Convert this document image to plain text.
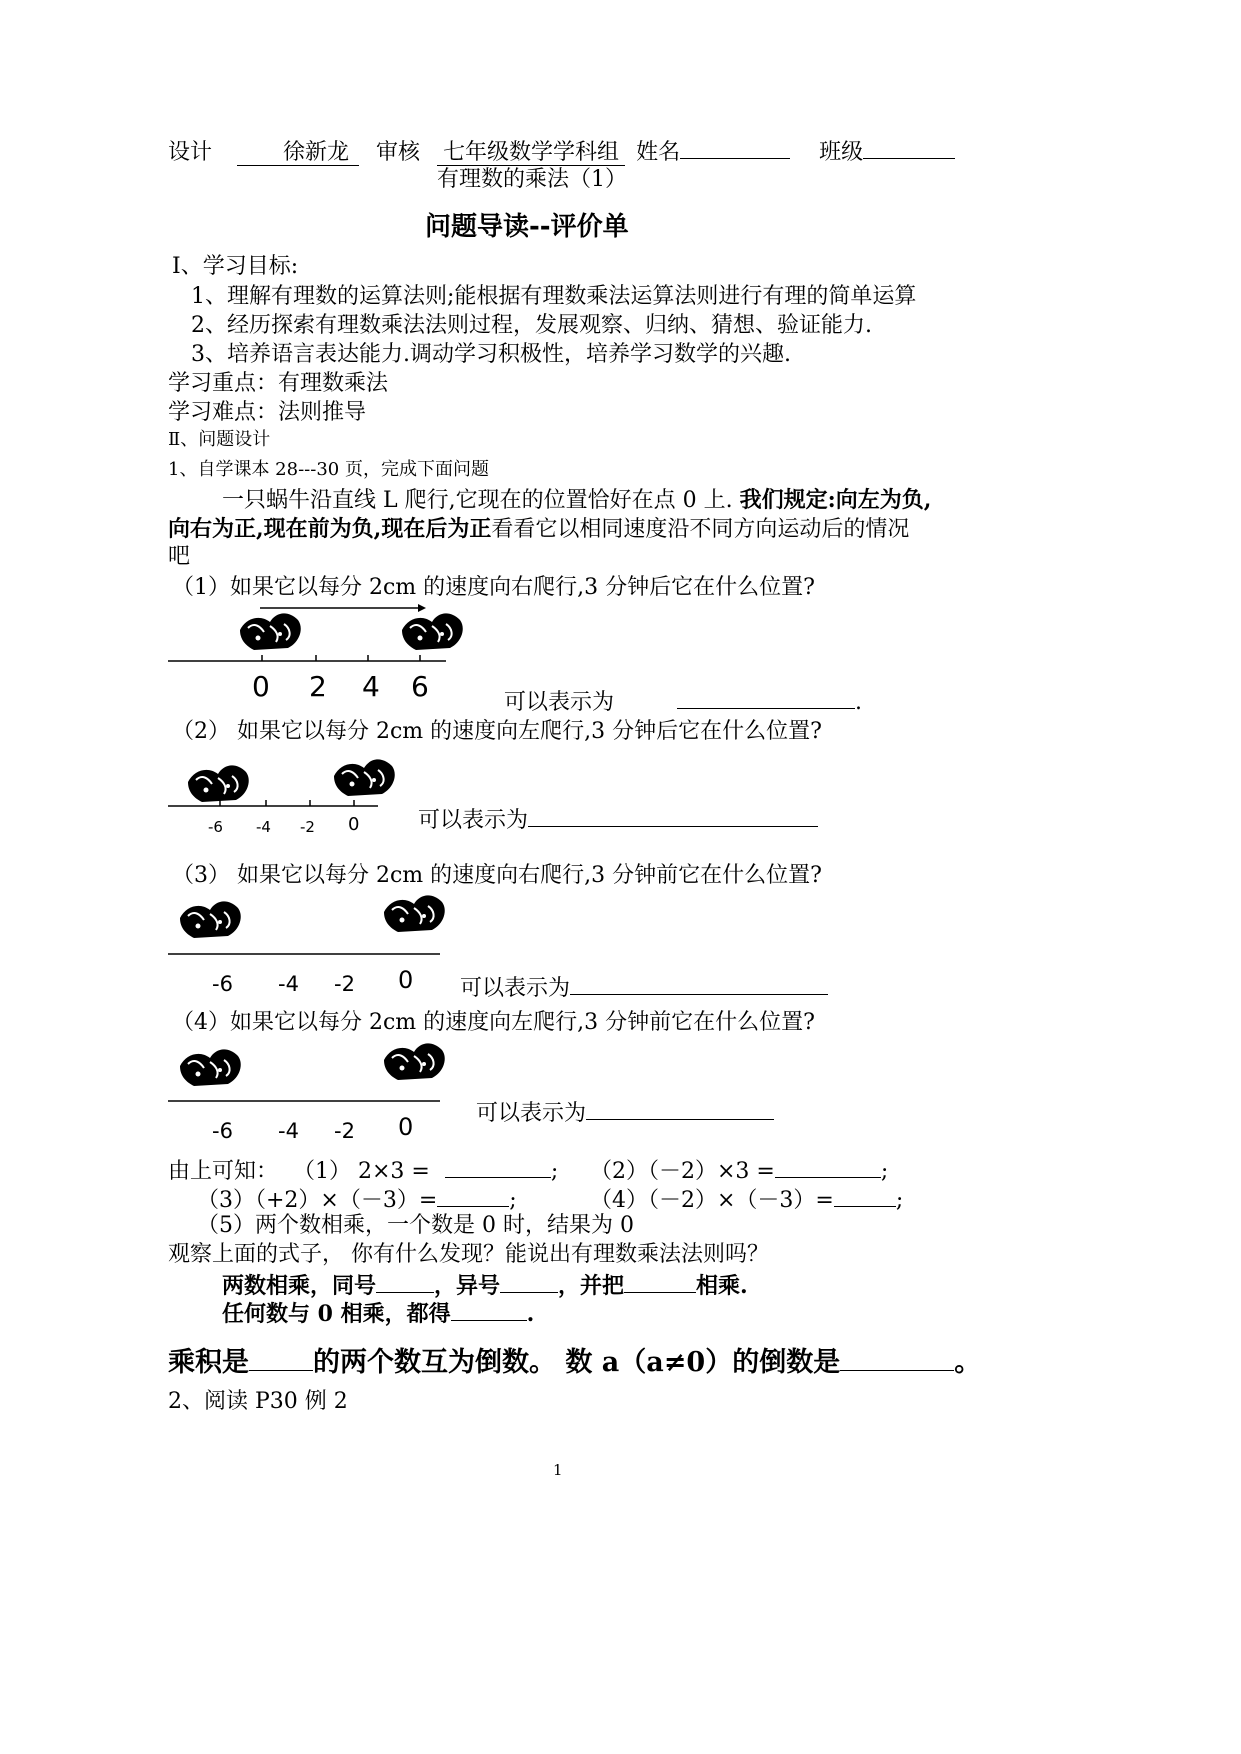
设计	徐新龙 审核 七年级数学学科组 姓名	班级
有理数的乘法（1）
问题导读--评价单
Ⅰ、学习目标:
1、理解有理数的运算法则;能根据有理数乘法运算法则进行有理的简单运算
2、经历探索有理数乘法法则过程，发展观察、归纳、猜想、验证能力.
3、培养语言表达能力.调动学习积极性，培养学习数学的兴趣.
学习重点：有理数乘法
学习难点：法则推导
Ⅱ、问题设计
1、自学课本 28---30 页，完成下面问题
一只蜗牛沿直线 L 爬行,它现在的位置恰好在点 0 上. 我们规定:向左为负,
向右为正,现在前为负,现在后为正看看它以相同速度沿不同方向运动后的情况
吧
（1）如果它以每分 2cm 的速度向右爬行,3 分钟后它在什么位置?
0 2 4 6	可以表示为	.
（2） 如果它以每分 2cm 的速度向左爬行,3 分钟后它在什么位置?
-6 -4 -2 0	可以表示为
（3） 如果它以每分 2cm 的速度向右爬行,3 分钟前它在什么位置?
-6 -4 -2 0 可以表示为
（4）如果它以每分 2cm 的速度向左爬行,3 分钟前它在什么位置?
-6 -4 -2 0	可以表示为
由上可知： （1） 2×3 =	; （2）（－2）×3 =	;
（3）（+2）×（－3）=	;	（4）（－2）×（－3）=	;
（5）两个数相乘，一个数是 0 时，结果为 0
观察上面的式子， 你有什么发现？能说出有理数乘法法则吗？
两数相乘，同号	，异号	，并把	相乘.
任何数与 0 相乘，都得	.
乘积是 的两个数互为倒数。 数 a（a≠0）的倒数是	。
2、阅读 P30 例 2
1
